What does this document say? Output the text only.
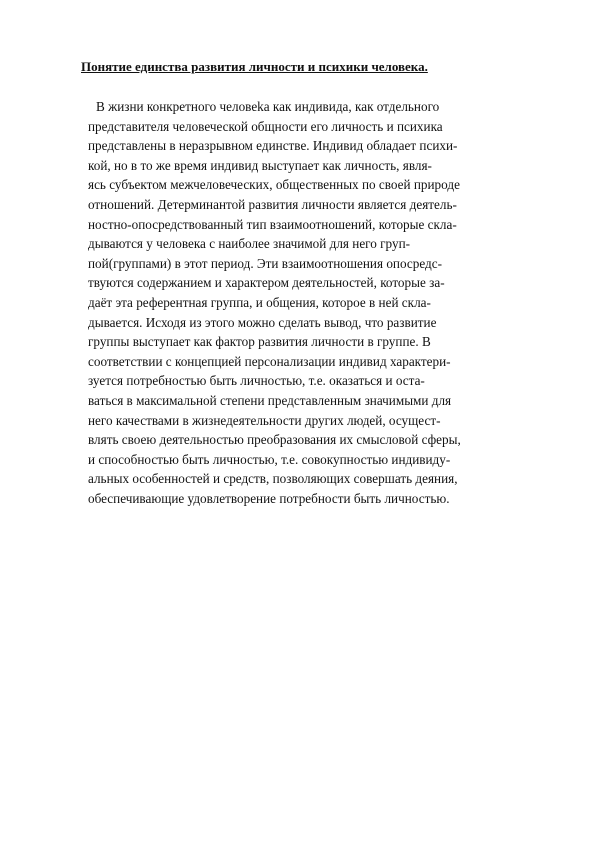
Понятие единства развития личности и психики человека.
В жизни конкретного человеka как индивида, как отдельного
представителя человеческой общности его личность и психика
представлены в неразрывном единстве. Индивид обладает психи-
кой, но в то же время индивид выступает как личность, явля-
ясь субъектом межчеловеческих, общественных по своей природе
отношений. Детерминантой развития личности является деятель-
ностно-опосредствованный тип взаимоотношений, которые скла-
дываются у человека с наиболее значимой для него груп-
пой(группами) в этот период. Эти взаимоотношения опосредс-
твуются содержанием и характером деятельностей, которые за-
даёт эта референтная группа, и общения, которое в ней скла-
дывается. Исходя из этого можно сделать вывод, что развитие
группы выступает как фактор развития личности в группе. В
соответствии с концепцией персонализации индивид характери-
зуется потребностью быть личностью, т.е. оказаться и оста-
ваться в максимальной степени представленным значимыми для
него качествами в жизнедеятельности других людей, осущест-
влять своею деятельностью преобразования их смысловой сферы,
и способностью быть личностью, т.е. совокупностью индивиду-
альных особенностей и средств, позволяющих совершать деяния,
обеспечивающие удовлетворение потребности быть личностью.
